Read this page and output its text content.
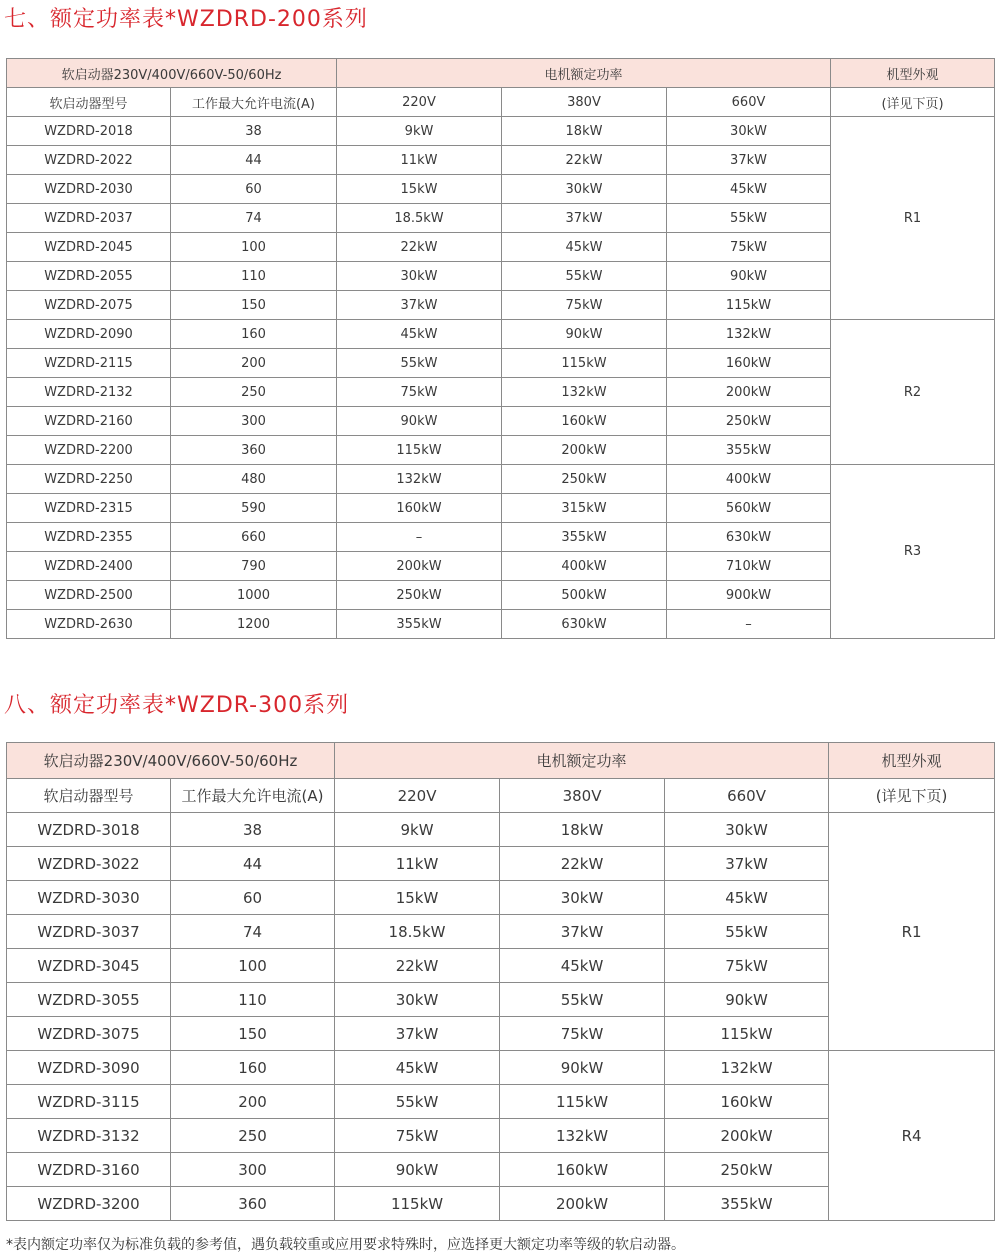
七、额定功率表*WZDRD-200系列
软启动器230V/400V/660V-50/60Hz		电机额定功率			机型外观
软启动器型号	工作最大允许电流(A)	220V	380V	660V	(详见下页)
WZDRD-2018	38	9kW	18kW	30kW	R1
WZDRD-2022	44	11kW	22kW	37kW	
WZDRD-2030	60	15kW	30kW	45kW	
WZDRD-2037	74	18.5kW	37kW	55kW	
WZDRD-2045	100	22kW	45kW	75kW	
WZDRD-2055	110	30kW	55kW	90kW	
WZDRD-2075	150	37kW	75kW	115kW	
WZDRD-2090	160	45kW	90kW	132kW	R2
WZDRD-2115	200	55kW	115kW	160kW	
WZDRD-2132	250	75kW	132kW	200kW	
WZDRD-2160	300	90kW	160kW	250kW	
WZDRD-2200	360	115kW	200kW	355kW	
WZDRD-2250	480	132kW	250kW	400kW	R3
WZDRD-2315	590	160kW	315kW	560kW	
WZDRD-2355	660	–	355kW	630kW	
WZDRD-2400	790	200kW	400kW	710kW	
WZDRD-2500	1000	250kW	500kW	900kW	
WZDRD-2630	1200	355kW	630kW	–	
八、额定功率表*WZDR-300系列
软启动器230V/400V/660V-50/60Hz		电机额定功率			机型外观
软启动器型号	工作最大允许电流(A)	220V	380V	660V	(详见下页)
WZDRD-3018	38	9kW	18kW	30kW	R1
WZDRD-3022	44	11kW	22kW	37kW	
WZDRD-3030	60	15kW	30kW	45kW	
WZDRD-3037	74	18.5kW	37kW	55kW	
WZDRD-3045	100	22kW	45kW	75kW	
WZDRD-3055	110	30kW	55kW	90kW	
WZDRD-3075	150	37kW	75kW	115kW	
WZDRD-3090	160	45kW	90kW	132kW	R4
WZDRD-3115	200	55kW	115kW	160kW	
WZDRD-3132	250	75kW	132kW	200kW	
WZDRD-3160	300	90kW	160kW	250kW	
WZDRD-3200	360	115kW	200kW	355kW	

*表内额定功率仅为标准负载的参考值，遇负载较重或应用要求特殊时，应选择更大额定功率等级的软启动器。
